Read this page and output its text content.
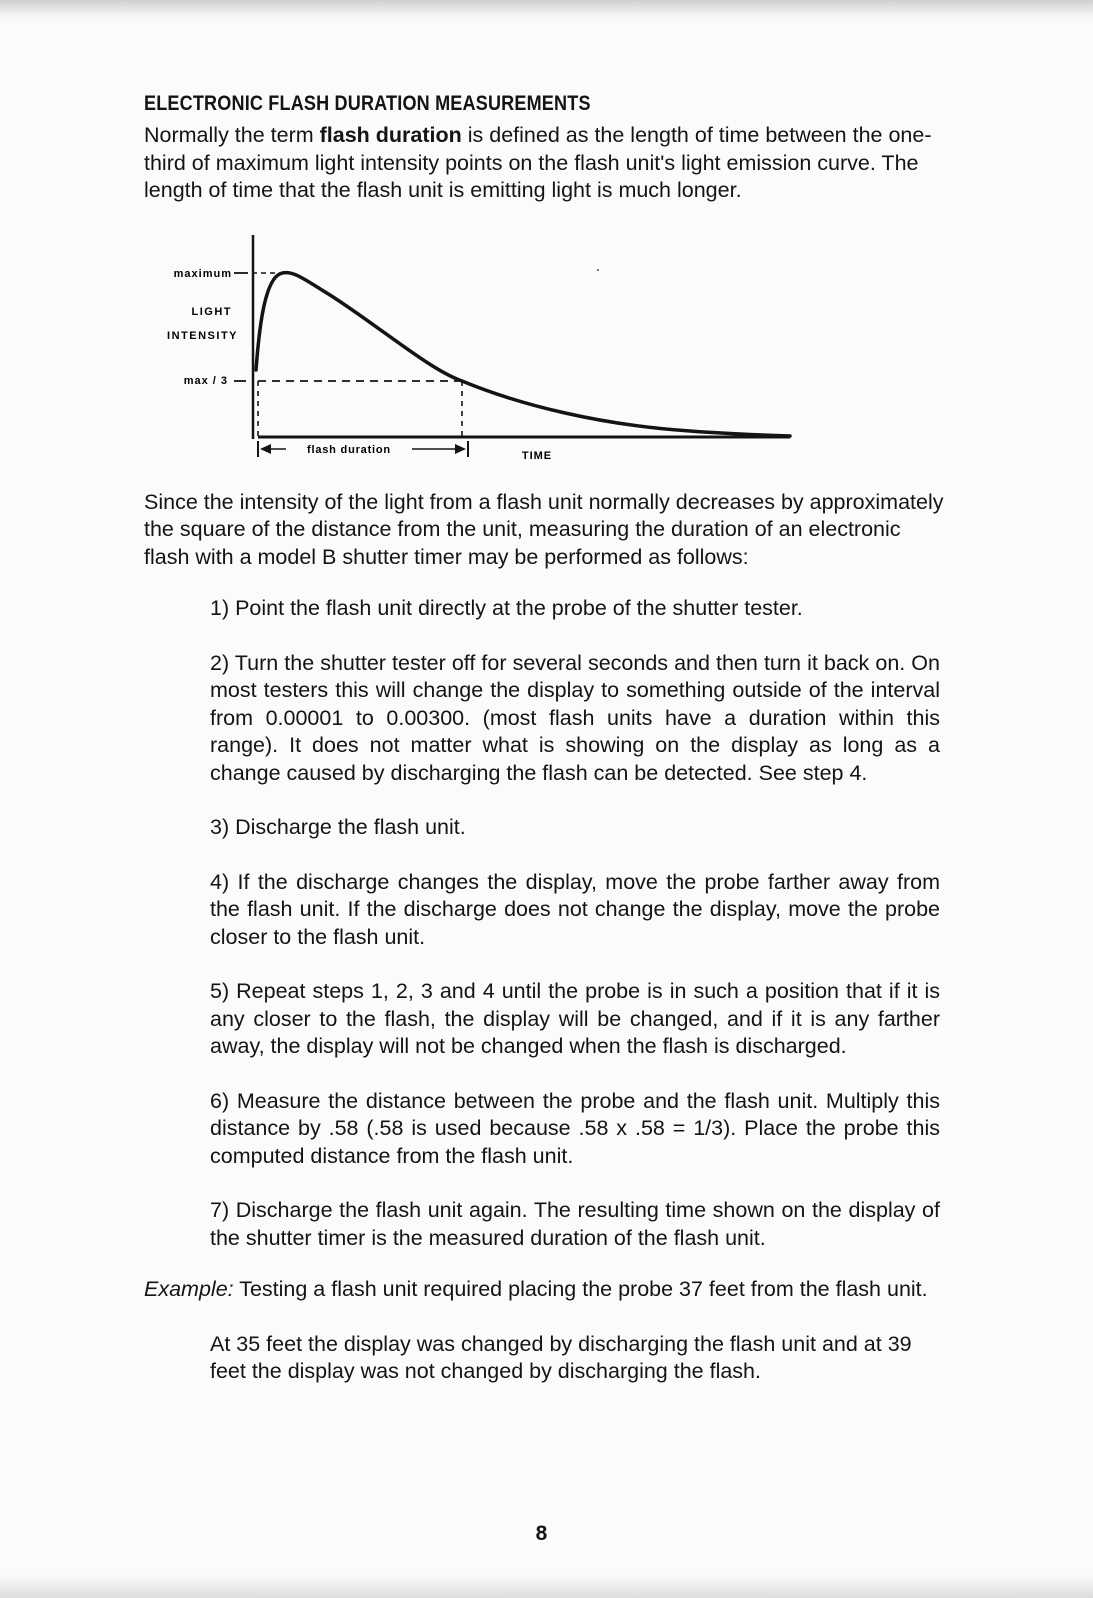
ELECTRONIC FLASH DURATION MEASUREMENTS

Normally the term flash duration is defined as the length of time between the one-third of maximum light intensity points on the flash unit's light emission curve. The length of time that the flash unit is emitting light is much longer.

maximum
LIGHT
INTENSITY
max / 3
flash duration	TIME

Since the intensity of the light from a flash unit normally decreases by approximately the square of the distance from the unit, measuring the duration of an electronic flash with a model B shutter timer may be performed as follows:

1) Point the flash unit directly at the probe of the shutter tester.

2) Turn the shutter tester off for several seconds and then turn it back on. On most testers this will change the display to something outside of the interval from 0.00001 to 0.00300. (most flash units have a duration within this range). It does not matter what is showing on the display as long as a change caused by discharging the flash can be detected. See step 4.

3) Discharge the flash unit.

4) If the discharge changes the display, move the probe farther away from the flash unit. If the discharge does not change the display, move the probe closer to the flash unit.

5) Repeat steps 1, 2, 3 and 4 until the probe is in such a position that if it is any closer to the flash, the display will be changed, and if it is any farther away, the display will not be changed when the flash is discharged.

6) Measure the distance between the probe and the flash unit. Multiply this distance by .58 (.58 is used because .58 x .58 = 1/3). Place the probe this computed distance from the flash unit.

7) Discharge the flash unit again. The resulting time shown on the display of the shutter timer is the measured duration of the flash unit.

Example: Testing a flash unit required placing the probe 37 feet from the flash unit.

At 35 feet the display was changed by discharging the flash unit and at 39 feet the display was not changed by discharging the flash.

8
